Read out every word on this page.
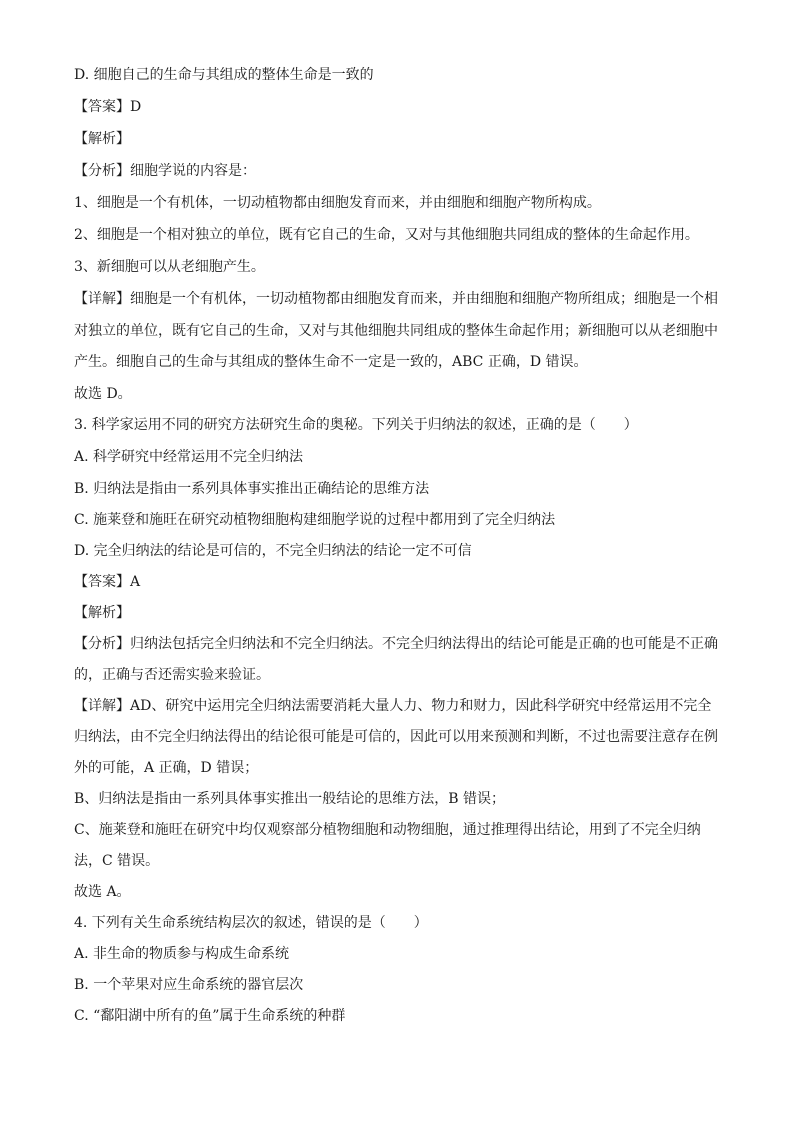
D. 细胞自己的生命与其组成的整体生命是一致的
【答案】D
【解析】
【分析】细胞学说的内容是：
1、细胞是一个有机体，一切动植物都由细胞发育而来，并由细胞和细胞产物所构成。
2、细胞是一个相对独立的单位，既有它自己的生命，又对与其他细胞共同组成的整体的生命起作用。
3、新细胞可以从老细胞产生。
【详解】细胞是一个有机体，一切动植物都由细胞发育而来，并由细胞和细胞产物所组成；细胞是一个相
对独立的单位，既有它自己的生命，又对与其他细胞共同组成的整体生命起作用；新细胞可以从老细胞中
产生。细胞自己的生命与其组成的整体生命不一定是一致的，ABC 正确，D 错误。
故选 D。
3. 科学家运用不同的研究方法研究生命的奥秘。下列关于归纳法的叙述，正确的是（　　）
A. 科学研究中经常运用不完全归纳法
B. 归纳法是指由一系列具体事实推出正确结论的思维方法
C. 施莱登和施旺在研究动植物细胞构建细胞学说的过程中都用到了完全归纳法
D. 完全归纳法的结论是可信的，不完全归纳法的结论一定不可信
【答案】A
【解析】
【分析】归纳法包括完全归纳法和不完全归纳法。不完全归纳法得出的结论可能是正确的也可能是不正确
的，正确与否还需实验来验证。
【详解】AD、研究中运用完全归纳法需要消耗大量人力、物力和财力，因此科学研究中经常运用不完全
归纳法，由不完全归纳法得出的结论很可能是可信的，因此可以用来预测和判断，不过也需要注意存在例
外的可能，A 正确，D 错误；
B、归纳法是指由一系列具体事实推出一般结论的思维方法，B 错误；
C、施莱登和施旺在研究中均仅观察部分植物细胞和动物细胞，通过推理得出结论，用到了不完全归纳
法，C 错误。
故选 A。
4. 下列有关生命系统结构层次的叙述，错误的是（　　）
A. 非生命的物质参与构成生命系统
B. 一个苹果对应生命系统的器官层次
C. “鄱阳湖中所有的鱼”属于生命系统的种群
